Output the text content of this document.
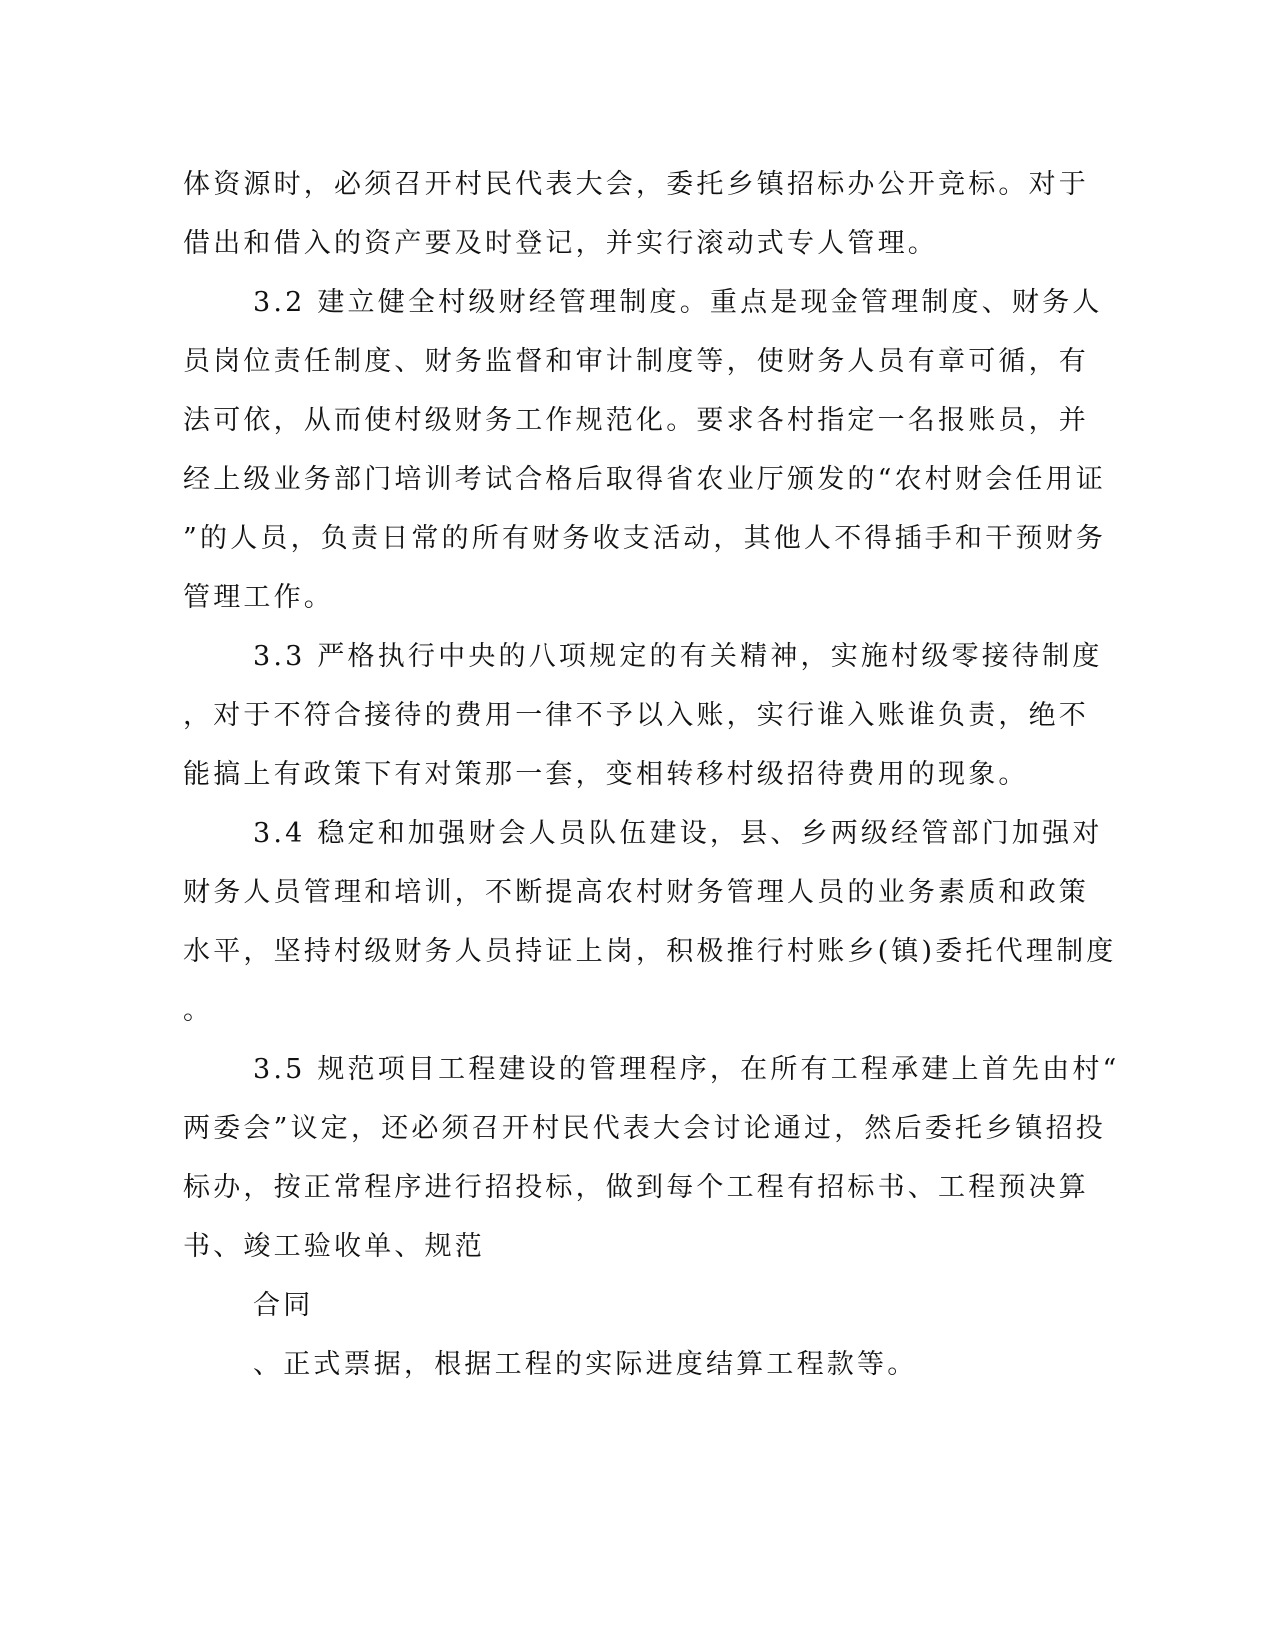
体资源时，必须召开村民代表大会，委托乡镇招标办公开竞标。对于
借出和借入的资产要及时登记，并实行滚动式专人管理。
3.2 建立健全村级财经管理制度。重点是现金管理制度、财务人
员岗位责任制度、财务监督和审计制度等，使财务人员有章可循，有
法可依，从而使村级财务工作规范化。要求各村指定一名报账员，并
经上级业务部门培训考试合格后取得省农业厅颁发的“农村财会任用证
”的人员，负责日常的所有财务收支活动，其他人不得插手和干预财务
管理工作。
3.3 严格执行中央的八项规定的有关精神，实施村级零接待制度
，对于不符合接待的费用一律不予以入账，实行谁入账谁负责，绝不
能搞上有政策下有对策那一套，变相转移村级招待费用的现象。
3.4 稳定和加强财会人员队伍建设，县、乡两级经管部门加强对
财务人员管理和培训，不断提高农村财务管理人员的业务素质和政策
水平，坚持村级财务人员持证上岗，积极推行村账乡(镇)委托代理制度
。
3.5 规范项目工程建设的管理程序，在所有工程承建上首先由村“
两委会”议定，还必须召开村民代表大会讨论通过，然后委托乡镇招投
标办，按正常程序进行招投标，做到每个工程有招标书、工程预决算
书、竣工验收单、规范
合同
、正式票据，根据工程的实际进度结算工程款等。
